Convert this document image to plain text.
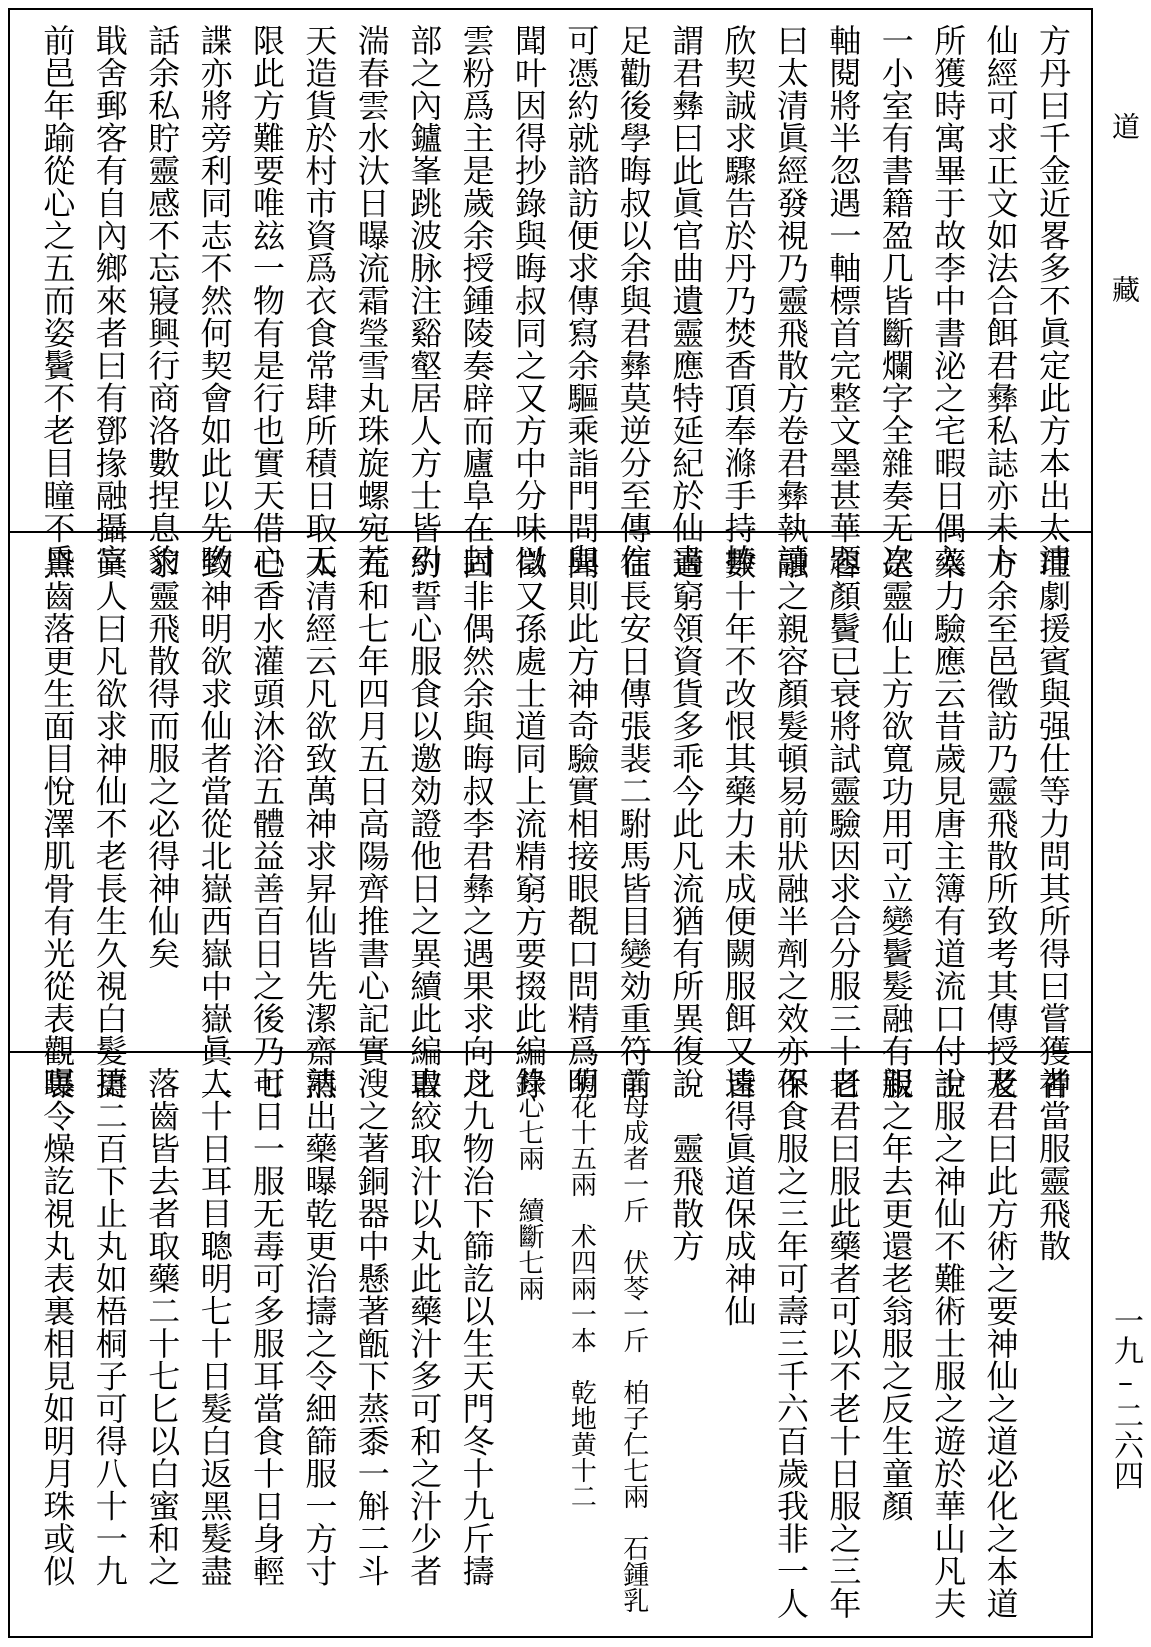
道
藏
一九–二六四
方丹曰千金近畧多不眞定此方本出太清
仙經可求正文如法合餌君彝私誌亦未卜
所獲時寓畢于故李中書泌之宅暇日偶入
一小室有書籍盈几皆斷爛字全雜奏无次
軸閱將半忽遇一軸標首完整文墨甚華題
曰太清眞經發視乃靈飛散方卷君彝執讀
欣契誠求驟告於丹乃焚香頂奉滌手持捧
謂君彝曰此眞官曲遺靈應特延紀於仙書
足勸後學晦叔以余與君彝莫逆分至傳信
可憑約就諮訪便求傳寫余驅乘詣門問與
聞叶因得抄錄與晦叔同之又方中分味以
雲粉爲主是歲余授鍾陵奏辟而廬阜在封
部之內鑪峯跳波脉注谿壑居人方士皆引
湍春雲水汏日曝流霜瑩雪丸珠旋螺宛若
天造貨於村市資爲衣食常肆所積日取无
限此方難要唯玆一物有是行也實天借心
諜亦將旁利同志不然何契會如此以先哟
話余私貯靈感不忘寢興行商洛數捏息豹
戢舍郵客有自內鄉來者曰有鄧掾融攝宰
前邑年踰從心之五而姿鬢不老目瞳不昏
理劇援賓與强仕等力問其所得曰嘗獲神
方余至邑徵訪乃靈飛散所致考其傳授及
藥力驗應云昔歲見唐主簿有道流口付說
是靈仙上方欲寬功用可立變鬢髮融有親
容顏鬢已衰將試靈驗因求合分服三十日
融之親容顏髮頓易前狀融半劑之效亦保
數十年不改恨其藥力未成便闕服餌又遠
適窮領資貨多乖今此凡流猶有所異復說
在長安日傳張裴二駙馬皆目變効重符前
聞則此方神奇驗實相接眼覩口問精爲明
徵又孫處士道同上流精窮方要掇此編錄
固非偶然余與晦叔李君彝之遇果求向之
約誓心服食以邀効證他日之異續此編書
元和七年四月五日高陽齊推書心記實
太清經云凡欲致萬神求昇仙皆先潔齋清
已香水灌頭沐浴五體益善百日之後乃可
致神明欲求仙者當從北嶽西嶽中嶽眞人
求靈飛散得而服之必得神仙矣
眞人曰凡欲求神仙不老長生久視白髮更
黑齒落更生面目悅澤肌骨有光從表觀裏
者當服靈飛散
老君曰此方術之要神仙之道必化之本道
士服之神仙不難術士服之遊於華山凡夫
服之年去更還老翁服之反生童顏
老君曰服此藥者可以不老十日服之三年
不食服之三年可壽三千六百歲我非一人
皆得眞道保成神仙
　　靈飛散方
雲母成者一斤　伏苓一斤　柏子仁七兩　石鍾乳
菊花十五兩　术四兩一本　乾地黄十二
桂心七兩　續斷七兩
凡九物治下篩訖以生天門冬十九斤擣
取絞取汁以丸此藥汁多可和之汁少者
溲之著銅器中懸著甑下蒸黍一斛二斗
熟出藥曝乾更治擣之令細篩服一方寸
七日一服无毒可多服耳當食十日身輕
二十日耳目聰明七十日髮白返黑髮盡
落齒皆去者取藥二十七匕以白蜜和之
擣二百下止丸如梧桐子可得八十一九
曝令燥訖視丸表裏相見如明月珠或似
